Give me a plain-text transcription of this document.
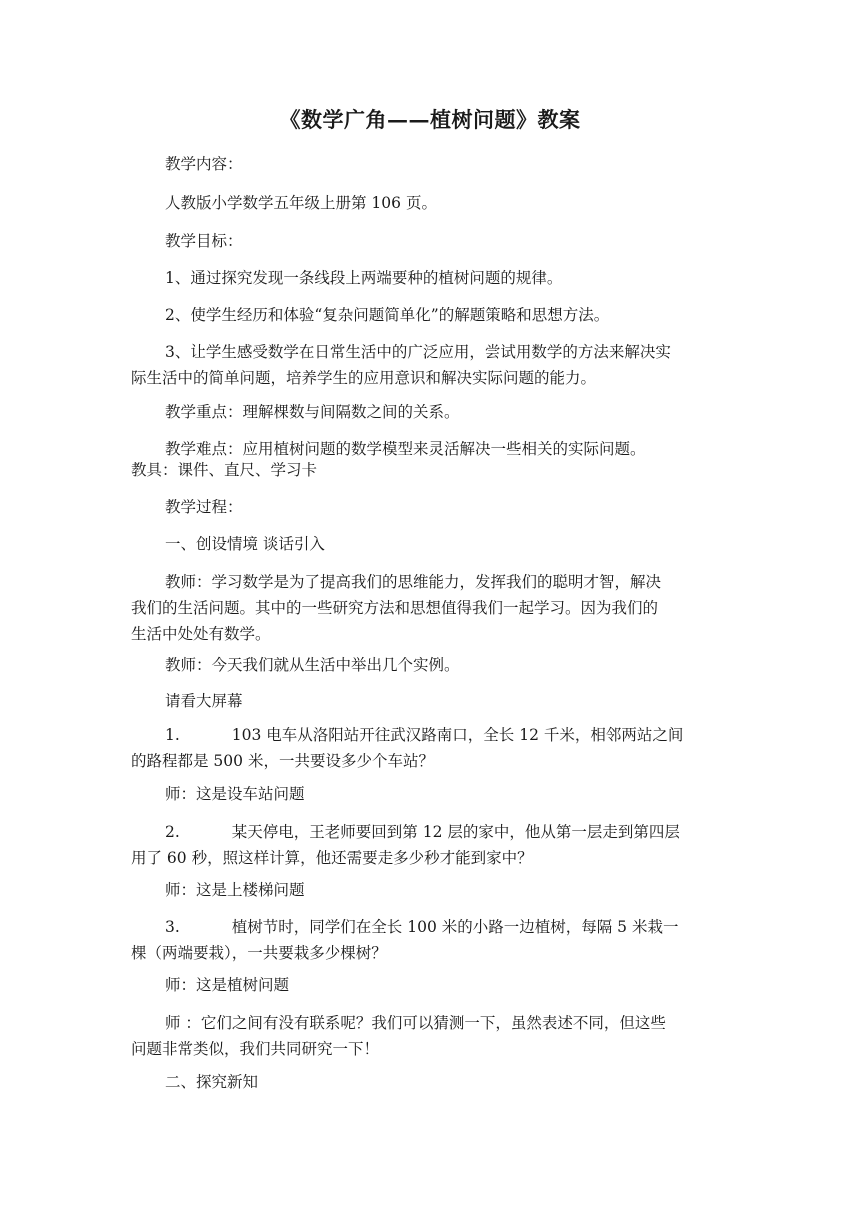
《数学广角——植树问题》教案

教学内容：

人教版小学数学五年级上册第 106 页。

教学目标：

1、通过探究发现一条线段上两端要种的植树问题的规律。

2、使学生经历和体验“复杂问题简单化”的解题策略和思想方法。

3、让学生感受数学在日常生活中的广泛应用，尝试用数学的方法来解决实
际生活中的简单问题，培养学生的应用意识和解决实际问题的能力。

教学重点：理解棵数与间隔数之间的关系。

教学难点：应用植树问题的数学模型来灵活解决一些相关的实际问题。

教具：课件、直尺、学习卡

教学过程：

一、创设情境 谈话引入

教师：学习数学是为了提高我们的思维能力，发挥我们的聪明才智，解决
我们的生活问题。其中的一些研究方法和思想值得我们一起学习。因为我们的
生活中处处有数学。

教师：今天我们就从生活中举出几个实例。

请看大屏幕

1.	103 电车从洛阳站开往武汉路南口，全长 12 千米，相邻两站之间
的路程都是 500 米，一共要设多少个车站？

师：这是设车站问题

2.	某天停电，王老师要回到第 12 层的家中，他从第一层走到第四层
用了 60 秒，照这样计算，他还需要走多少秒才能到家中？

师：这是上楼梯问题

3.	植树节时，同学们在全长 100 米的小路一边植树，每隔 5 米栽一
棵（两端要栽），一共要栽多少棵树？

师：这是植树问题

师 ：它们之间有没有联系呢？我们可以猜测一下，虽然表述不同，但这些
问题非常类似，我们共同研究一下！

二、探究新知
